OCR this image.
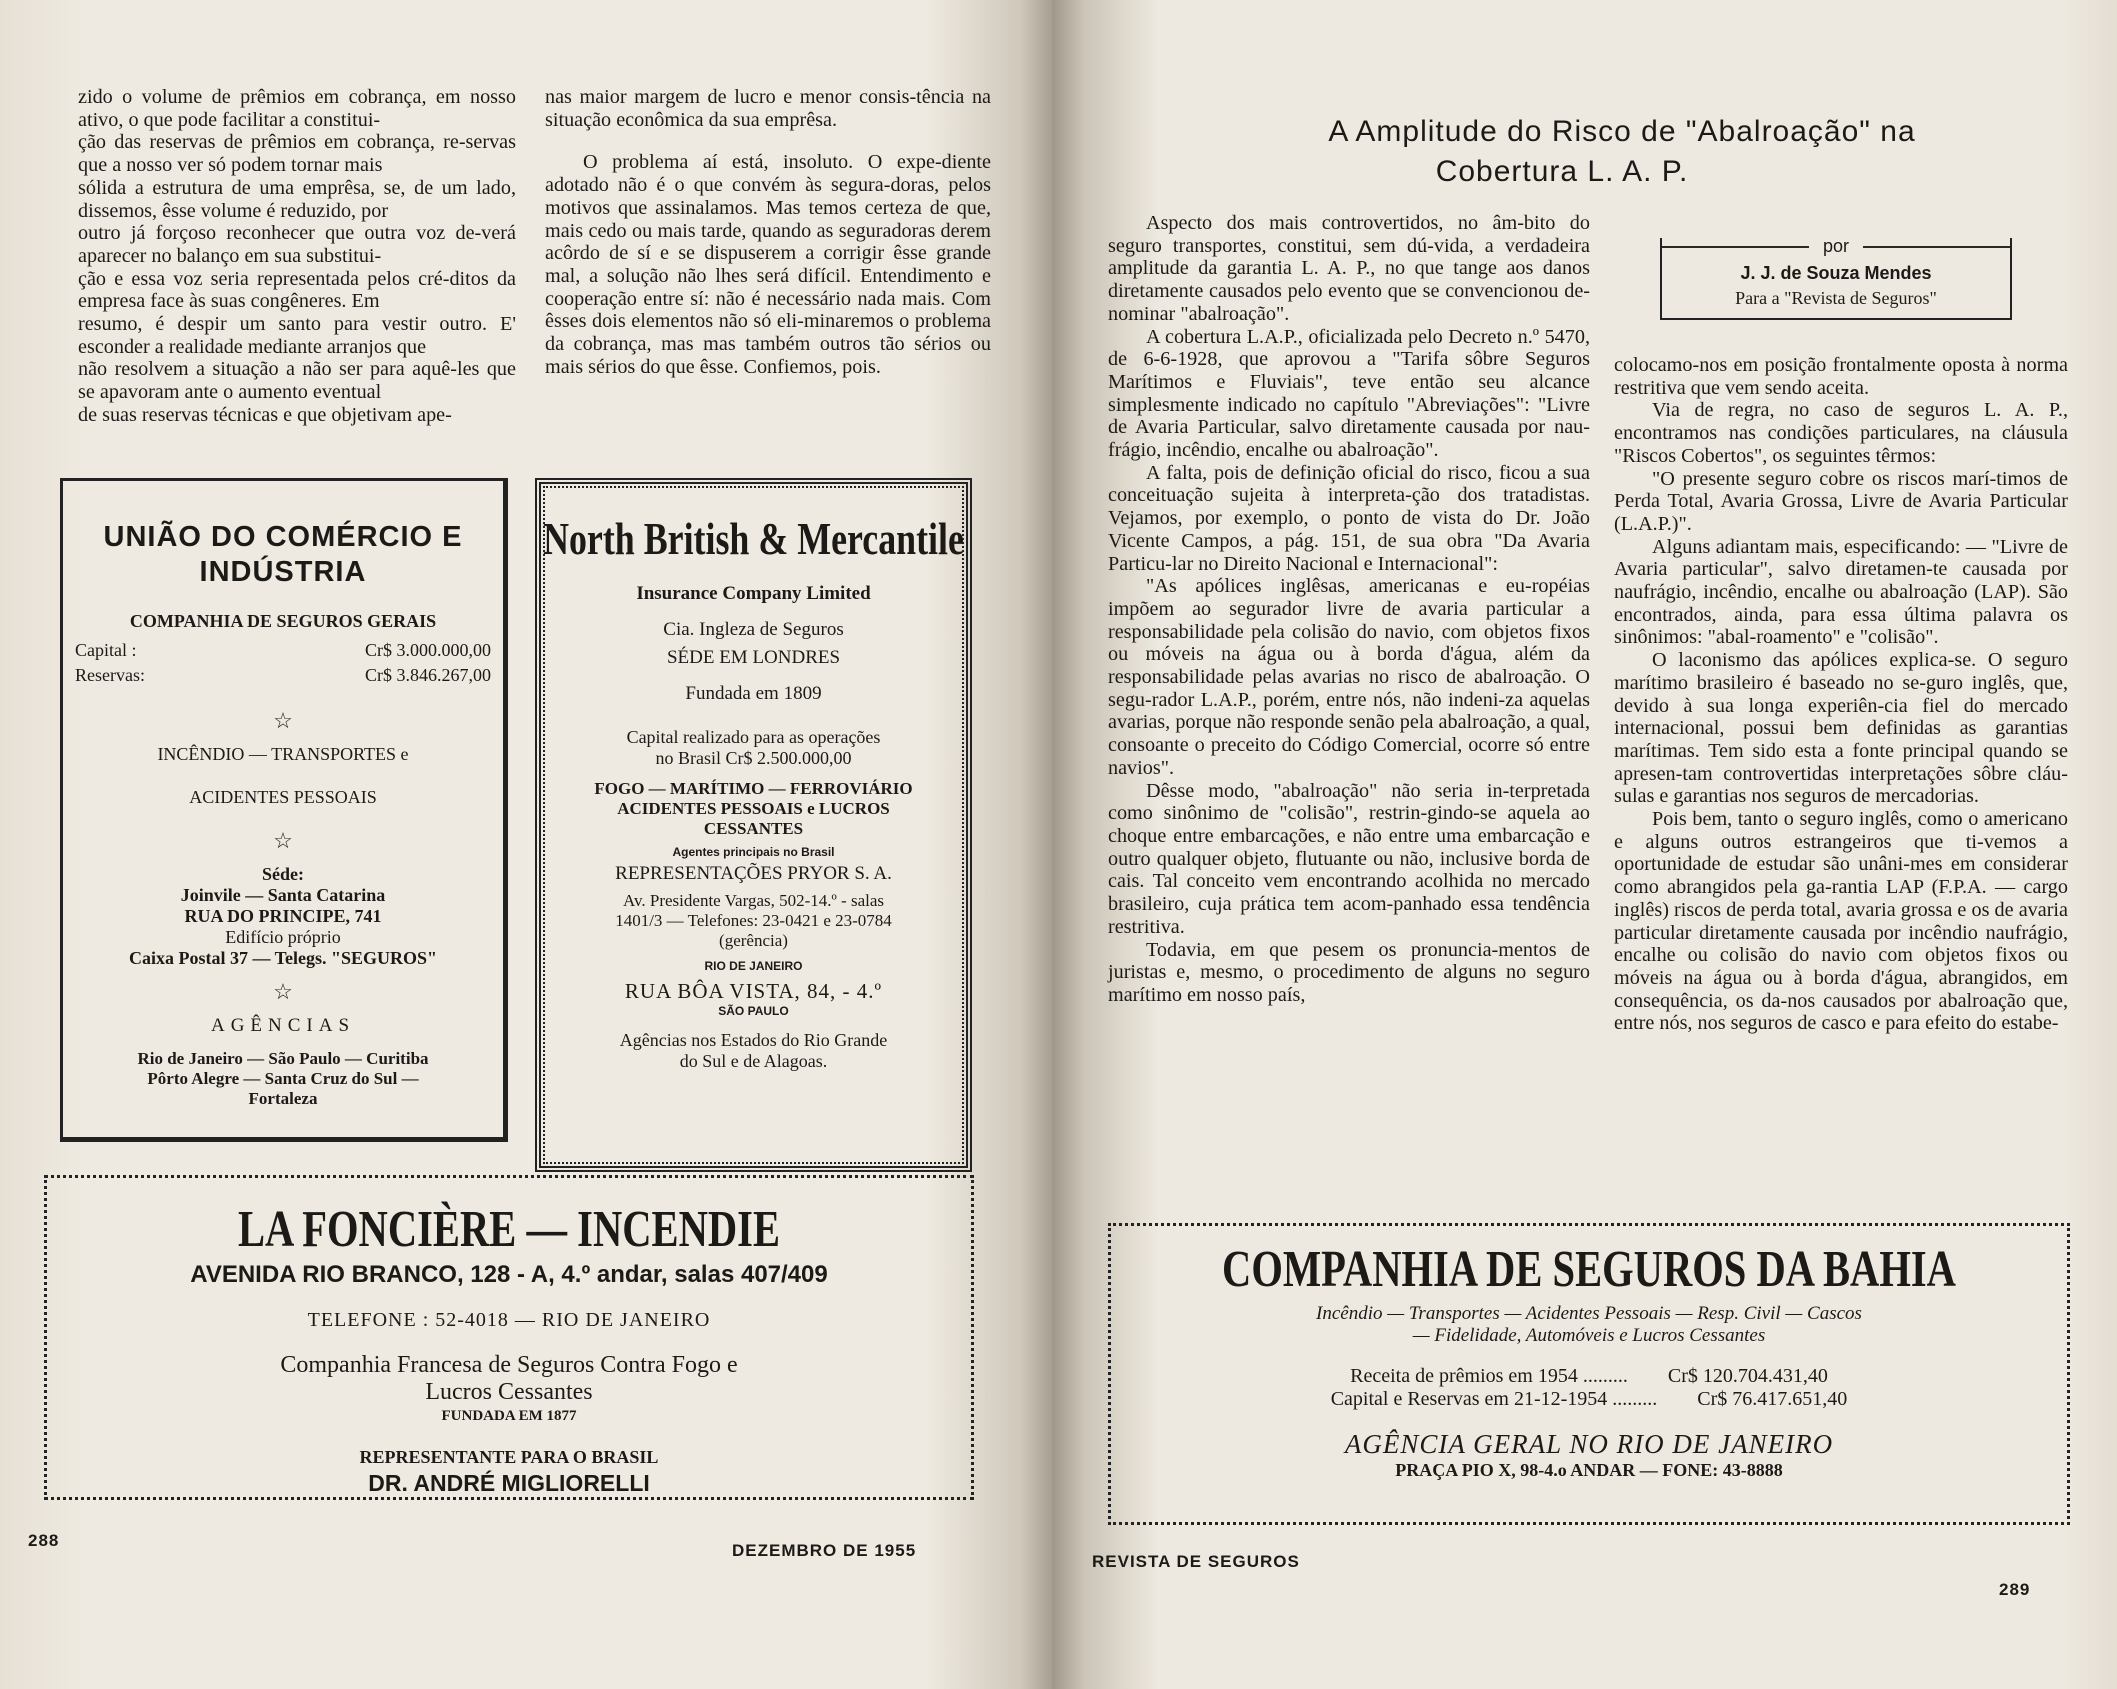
zido o volume de prêmios em cobrança, em nosso ativo, o que pode facilitar a constitui-

ção das reservas de prêmios em cobrança, re-servas que a nosso ver só podem tornar mais

sólida a estrutura de uma emprêsa, se, de um lado, dissemos, êsse volume é reduzido, por

outro já forçoso reconhecer que outra voz de-verá aparecer no balanço em sua substitui-

ção e essa voz seria representada pelos cré-ditos da empresa face às suas congêneres. Em

resumo, é despir um santo para vestir outro. E' esconder a realidade mediante arranjos que

não resolvem a situação a não ser para aquê-les que se apavoram ante o aumento eventual

de suas reservas técnicas e que objetivam ape-

nas maior margem de lucro e menor consis-tência na situação econômica da sua emprêsa.

O problema aí está, insoluto. O expe-diente adotado não é o que convém às segura-doras, pelos motivos que assinalamos. Mas temos certeza de que, mais cedo ou mais tarde, quando as seguradoras derem acôrdo de sí e se dispuserem a corrigir êsse grande mal, a solução não lhes será difícil. Entendimento e cooperação entre sí: não é necessário nada mais. Com êsses dois elementos não só eli-minaremos o problema da cobrança, mas mas também outros tão sérios ou mais sérios do que êsse. Confiemos, pois.

UNIÃO DO COMÉRCIO E
INDÚSTRIA
COMPANHIA DE SEGUROS GERAIS
Capital :	Cr$ 3.000.000,00
Reservas:	Cr$ 3.846.267,00
☆
INCÊNDIO — TRANSPORTES e
ACIDENTES PESSOAIS
☆
Séde:
Joinvile — Santa Catarina
RUA DO PRINCIPE, 741
Edifício próprio
Caixa Postal 37 — Telegs. "SEGUROS"
☆
AGÊNCIAS
Rio de Janeiro — São Paulo — Curitiba
Pôrto Alegre — Santa Cruz do Sul —
Fortaleza
North British & Mercantile
Insurance Company Limited
Cia. Ingleza de Seguros
SÉDE EM LONDRES
Fundada em 1809
Capital realizado para as operações
no Brasil Cr$ 2.500.000,00
FOGO — MARÍTIMO — FERROVIÁRIO
ACIDENTES PESSOAIS e LUCROS
CESSANTES
Agentes principais no Brasil
REPRESENTAÇÕES PRYOR S. A.
Av. Presidente Vargas, 502-14.º - salas
1401/3 — Telefones: 23-0421 e 23-0784
(gerência)
RIO DE JANEIRO
RUA BÔA VISTA, 84, - 4.º
SÃO PAULO
Agências nos Estados do Rio Grande
do Sul e de Alagoas.
LA FONCIÈRE — INCENDIE
AVENIDA RIO BRANCO, 128 - A, 4.º andar, salas 407/409
TELEFONE : 52-4018 — RIO DE JANEIRO
Companhia Francesa de Seguros Contra Fogo e
Lucros Cessantes
FUNDADA EM 1877
REPRESENTANTE PARA O BRASIL
DR. ANDRÉ MIGLIORELLI
288
DEZEMBRO DE 1955
A Amplitude do Risco de "Abalroação" na
Cobertura L. A. P.
por
J. J. de Souza Mendes
Para a "Revista de Seguros"

Aspecto dos mais controvertidos, no âm-bito do seguro transportes, constitui, sem dú-vida, a verdadeira amplitude da garantia L. A. P., no que tange aos danos diretamente causados pelo evento que se convencionou de-nominar "abalroação".

A cobertura L.A.P., oficializada pelo Decreto n.º 5470, de 6-6-1928, que aprovou a "Tarifa sôbre Seguros Marítimos e Fluviais", teve então seu alcance simplesmente indicado no capítulo "Abreviações": "Livre de Avaria Particular, salvo diretamente causada por nau-frágio, incêndio, encalhe ou abalroação".

A falta, pois de definição oficial do risco, ficou a sua conceituação sujeita à interpreta-ção dos tratadistas. Vejamos, por exemplo, o ponto de vista do Dr. João Vicente Campos, a pág. 151, de sua obra "Da Avaria Particu-lar no Direito Nacional e Internacional":

"As apólices inglêsas, americanas e eu-ropéias impõem ao segurador livre de avaria particular a responsabilidade pela colisão do navio, com objetos fixos ou móveis na água ou à borda d'água, além da responsabilidade pelas avarias no risco de abalroação. O segu-rador L.A.P., porém, entre nós, não indeni-za aquelas avarias, porque não responde senão pela abalroação, a qual, consoante o preceito do Código Comercial, ocorre só entre navios".

Dêsse modo, "abalroação" não seria in-terpretada como sinônimo de "colisão", restrin-gindo-se aquela ao choque entre embarcações, e não entre uma embarcação e outro qualquer objeto, flutuante ou não, inclusive borda de cais. Tal conceito vem encontrando acolhida no mercado brasileiro, cuja prática tem acom-panhado essa tendência restritiva.

Todavia, em que pesem os pronuncia-mentos de juristas e, mesmo, o procedimento de alguns no seguro marítimo em nosso país,

colocamo-nos em posição frontalmente oposta à norma restritiva que vem sendo aceita.

Via de regra, no caso de seguros L. A. P., encontramos nas condições particulares, na cláusula "Riscos Cobertos", os seguintes têrmos:

"O presente seguro cobre os riscos marí-timos de Perda Total, Avaria Grossa, Livre de Avaria Particular (L.A.P.)".

Alguns adiantam mais, especificando: — "Livre de Avaria particular", salvo diretamen-te causada por naufrágio, incêndio, encalhe ou abalroação (LAP). São encontrados, ainda, para essa última palavra os sinônimos: "abal-roamento" e "colisão".

O laconismo das apólices explica-se. O seguro marítimo brasileiro é baseado no se-guro inglês, que, devido à sua longa experiên-cia fiel do mercado internacional, possui bem definidas as garantias marítimas. Tem sido esta a fonte principal quando se apresen-tam controvertidas interpretações sôbre cláu-sulas e garantias nos seguros de mercadorias.

Pois bem, tanto o seguro inglês, como o americano e alguns outros estrangeiros que ti-vemos a oportunidade de estudar são unâni-mes em considerar como abrangidos pela ga-rantia LAP (F.P.A. — cargo inglês) riscos de perda total, avaria grossa e os de avaria particular diretamente causada por incêndio naufrágio, encalhe ou colisão do navio com objetos fixos ou móveis na água ou à borda d'água, abrangidos, em consequência, os da-nos causados por abalroação que, entre nós, nos seguros de casco e para efeito do estabe-

COMPANHIA DE SEGUROS DA BAHIA
Incêndio — Transportes — Acidentes Pessoais — Resp. Civil — Cascos
— Fidelidade, Automóveis e Lucros Cessantes
Receita de prêmios em 1954 ......... Cr$ 120.704.431,40
Capital e Reservas em 21-12-1954 ......... Cr$ 76.417.651,40
AGÊNCIA GERAL NO RIO DE JANEIRO
PRAÇA PIO X, 98-4.o ANDAR — FONE: 43-8888
REVISTA DE SEGUROS
289
